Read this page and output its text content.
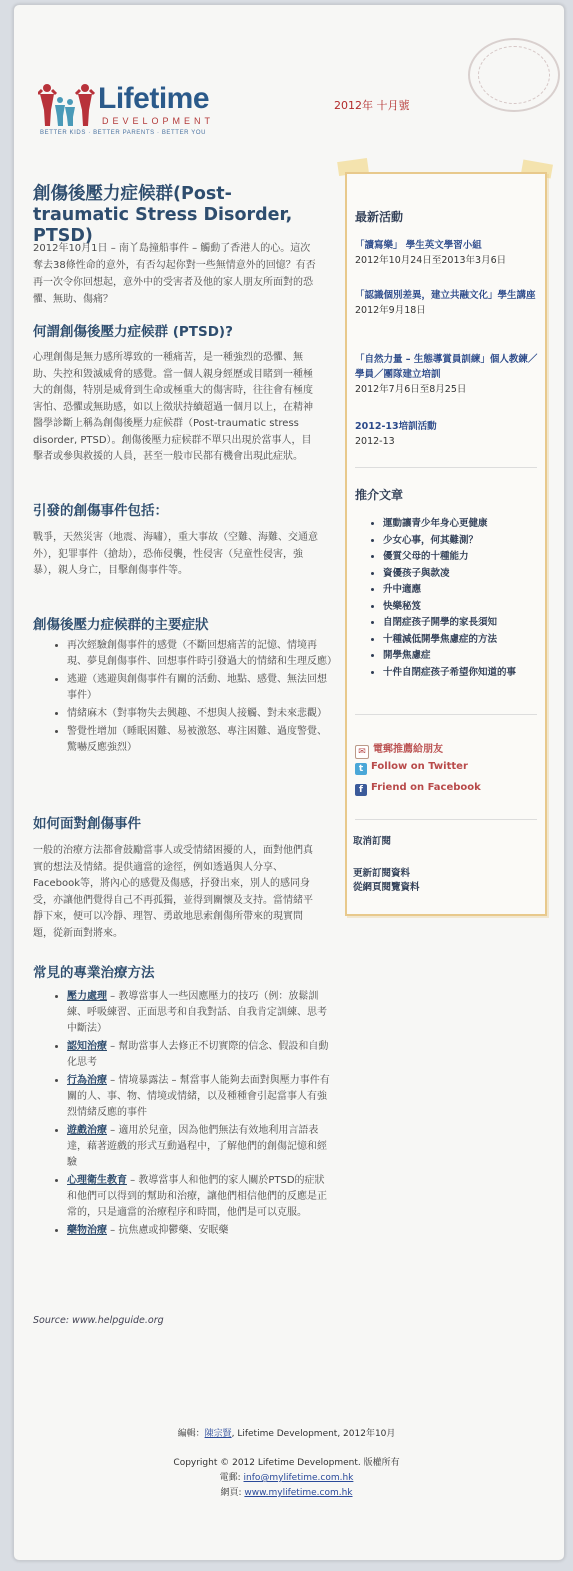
Lifetime
DEVELOPMENT
BETTER KIDS · BETTER PARENTS · BETTER YOU
2012年 十月號
創傷後壓力症候群(Post-traumatic Stress Disorder, PTSD)

2012年10月1日 – 南丫島撞船事件 – 觸動了香港人的心。這次奪去38條性命的意外，有否勾起你對一些無情意外的回憶？有否再一次令你回想起，意外中的受害者及他的家人朋友所面對的恐懼、無助、傷痛？

何謂創傷後壓力症候群 (PTSD)?

心理創傷是無力感所導致的一種痛苦，是一種強烈的恐懼、無助、失控和毀滅威脅的感覺。當一個人親身經歷或目睹到一種極大的創傷，特別是威脅到生命或極重大的傷害時，往往會有極度害怕、恐懼或無助感，如以上徵狀持續超過一個月以上，在精神醫學診斷上稱為創傷後壓力症候群（Post-traumatic stress disorder, PTSD）。創傷後壓力症候群不單只出現於當事人，目擊者或參與救援的人員，甚至一般市民都有機會出現此症狀。

引發的創傷事件包括：

戰爭，天然災害（地震、海嘯），重大事故（空難、海難、交通意外），犯罪事件（搶劫），恐佈侵襲，性侵害（兒童性侵害，強暴），親人身亡，目擊創傷事件等。

創傷後壓力症候群的主要症狀
• 再次經驗創傷事件的感覺（不斷回想痛苦的記憶、情境再現、夢見創傷事件、回想事件時引發過大的情緒和生理反應）
• 逃避（逃避與創傷事件有關的活動、地點、感覺、無法回想事件）
• 情緒麻木（對事物失去興趣、不想與人接觸、對未來悲觀）
• 警覺性增加（睡眠困難、易被激怒、專注困難、過度警覺、驚嚇反應強烈）
如何面對創傷事件

一般的治療方法都會鼓勵當事人或受情緒困擾的人，面對他們真實的想法及情緒。提供適當的途徑，例如透過與人分享、Facebook等，將內心的感覺及傷感，抒發出來，別人的感同身受，亦讓他們覺得自己不再孤獨，並得到關懷及支持。當情緒平靜下來，便可以冷靜、理智、勇敢地思索創傷所帶來的現實問題，從新面對將來。

常見的專業治療方法
• 壓力處理 – 教導當事人一些因應壓力的技巧（例：放鬆訓練、呼吸練習、正面思考和自我對話、自我肯定訓練、思考中斷法）
• 認知治療 – 幫助當事人去修正不切實際的信念、假設和自動化思考
• 行為治療 – 情境暴露法 – 幫當事人能夠去面對與壓力事件有關的人、事、物、情境或情緒，以及種種會引起當事人有強烈情緒反應的事件
• 遊戲治療 – 適用於兒童，因為他們無法有效地利用言語表達，藉著遊戲的形式互動過程中，了解他們的創傷記憶和經驗
• 心理衛生教育 – 教導當事人和他們的家人關於PTSD的症狀和他們可以得到的幫助和治療，讓他們相信他們的反應是正常的，只是適當的治療程序和時間，他們是可以克服。
• 藥物治療 – 抗焦慮或抑鬱藥、安眠藥
Source: www.helpguide.org
最新活動
「讀寫樂」 學生英文學習小組
2012年10月24日至2013年3月6日
「認識個別差異，建立共融文化」學生講座
2012年9月18日
「自然力量 – 生態導賞員訓練」個人教練／學員／團隊建立培訓
2012年7月6日至8月25日
2012-13培訓活動
2012-13
推介文章
• 運動讓青少年身心更健康
• 少女心事，何其難測？
• 優質父母的十種能力
• 資優孩子與款凌
• 升中適應
• 快樂秘笈
• 自閉症孩子開學的家長須知
• 十種減低開學焦慮症的方法
• 開學焦慮症
• 十件自閉症孩子希望你知道的事
✉ 電郵推薦給朋友
t Follow on Twitter
f Friend on Facebook
取消訂閱
更新訂閱資料
從網頁閱覽資料
編輯：陳宗賢, Lifetime Development, 2012年10月
Copyright © 2012 Lifetime Development. 版權所有
電郵: info@mylifetime.com.hk
網頁: www.mylifetime.com.hk
